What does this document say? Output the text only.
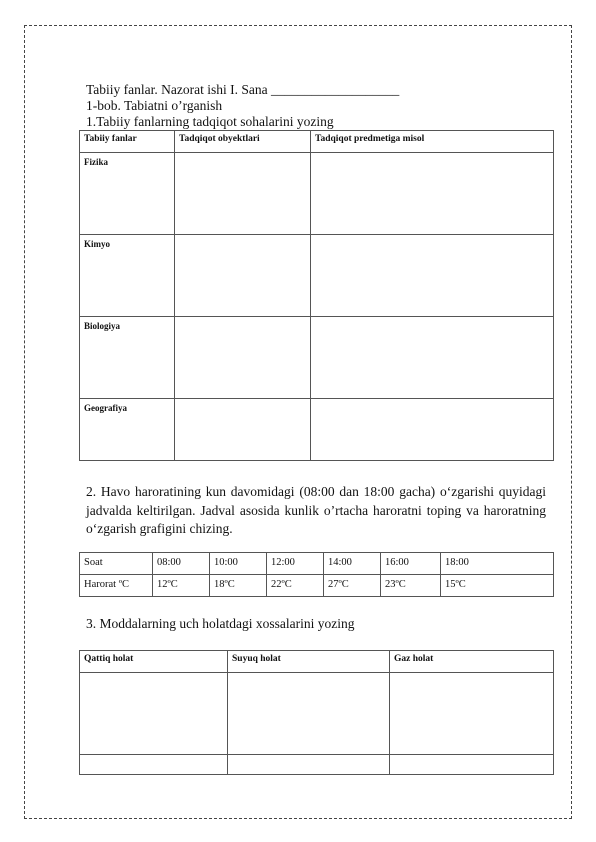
Tabiiy fanlar. Nazorat ishi I. Sana ___________________
1-bob. Tabiatni o’rganish
1.Tabiiy fanlarning tadqiqot sohalarini yozing
Tabiiy fanlar	Tadqiqot obyektlari	Tadqiqot predmetiga misol
Fizika		
Kimyo		
Biologiya		
Geografiya		
2. Havo haroratining kun davomidagi (08:00 dan 18:00 gacha) o‘zgarishi quyidagi jadvalda keltirilgan. Jadval asosida kunlik o’rtacha haroratni toping va haroratning o‘zgarish grafigini chizing.
Soat	08:00	10:00	12:00	14:00	16:00	18:00
Harorat ºC	12ºC	18ºC	22ºC	27ºC	23ºC	15ºC
3. Moddalarning uch holatdagi xossalarini yozing
Qattiq holat	Suyuq holat	Gaz holat
